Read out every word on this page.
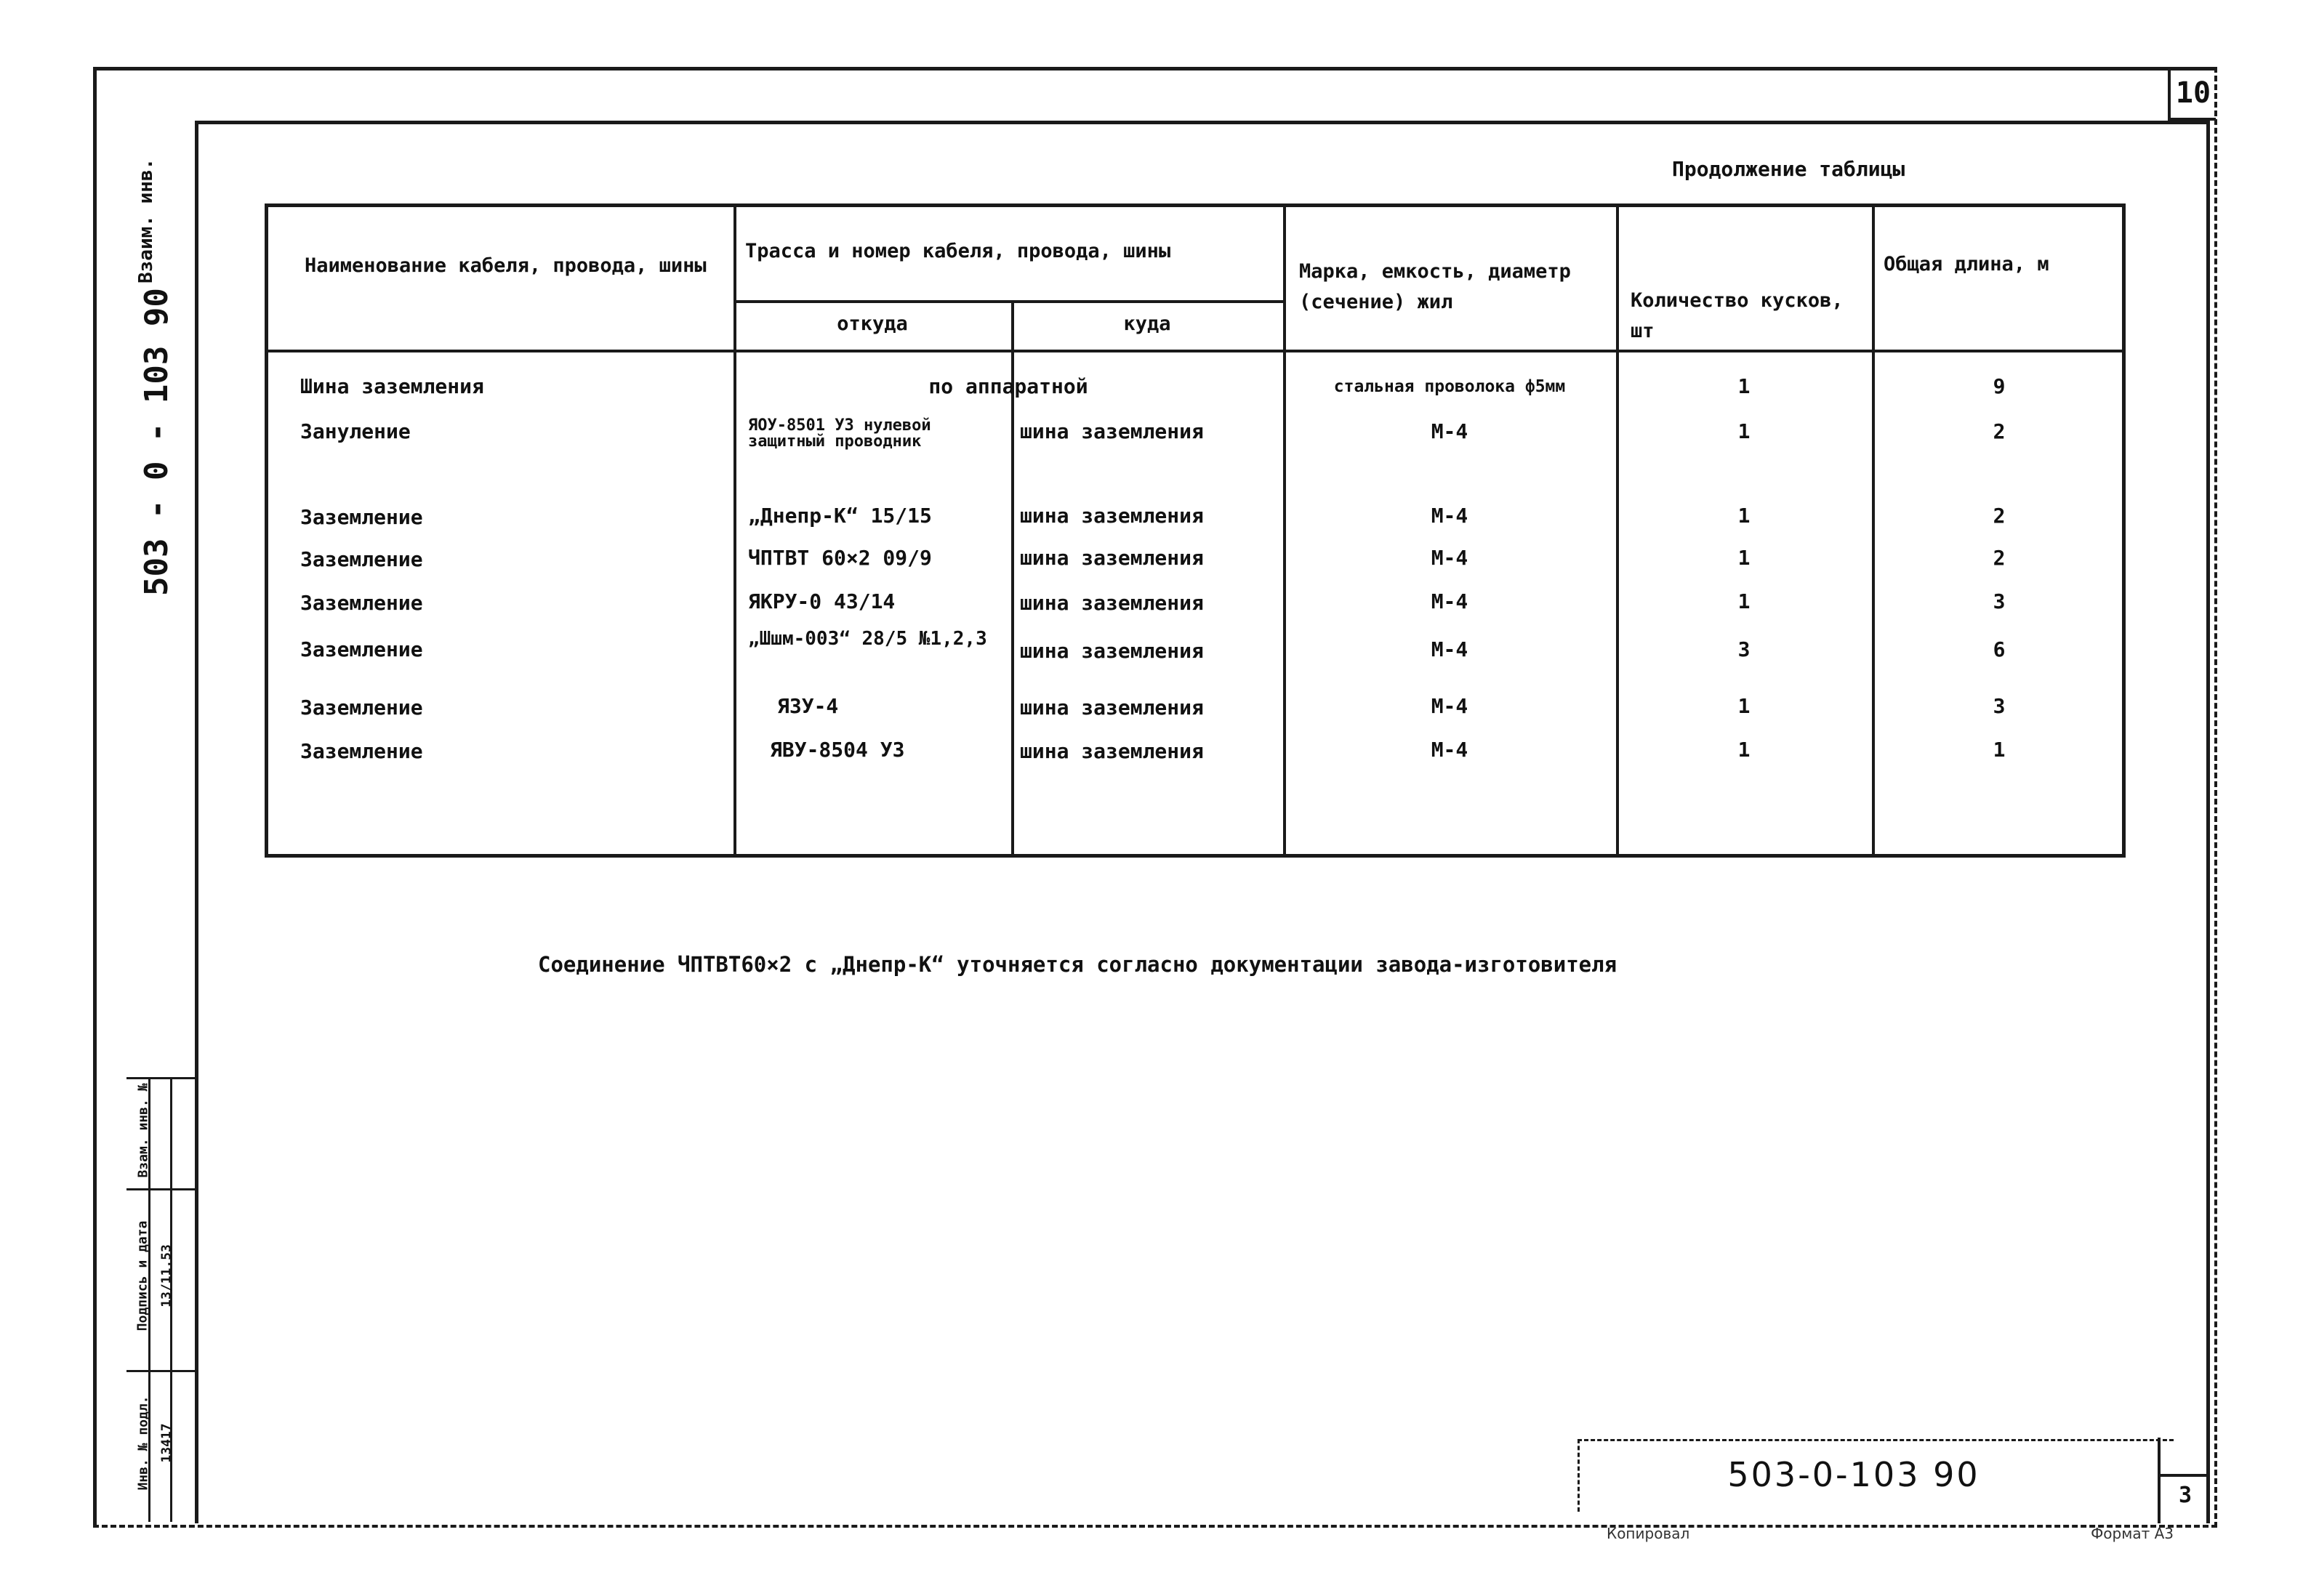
10
Взаим. инв.
503 - 0 - 103 90
Взам. инв. №
Подпись и дата
Инв. № подл.
13/11.53
13417
Продолжение таблицы
Наименование кабеля, провода, шины
Трасса и номер кабеля, провода, шины
откуда	куда
Марка, емкость, диаметр (сечение) жил	Количество кусков, шт
Общая длина, м
Шина заземления	по аппаратной	стальная проволока ф5мм	1	9
Зануление	ЯОУ-8501 У3 нулевой защитный проводник	шина заземления	М-4	1	2
Заземление	„Днепр-К“ 15/15	шина заземления	М-4	1	2
Заземление	ЧПТВТ 60×2 09/9	шина заземления	М-4	1	2
Заземление	ЯКРУ-0 43/14	шина заземления	М-4	1	3
Заземление	„Шшм-003“ 28/5 №1,2,3	шина заземления	М-4	3	6
Заземление	ЯЗУ-4	шина заземления	М-4	1	3
Заземление	ЯВУ-8504 У3	шина заземления	М-4	1	1
Соединение ЧПТВТ60×2 с „Днепр-К“ уточняется согласно документации завода-изготовителя
503-0-103 90
3
Копировал	Формат А3
